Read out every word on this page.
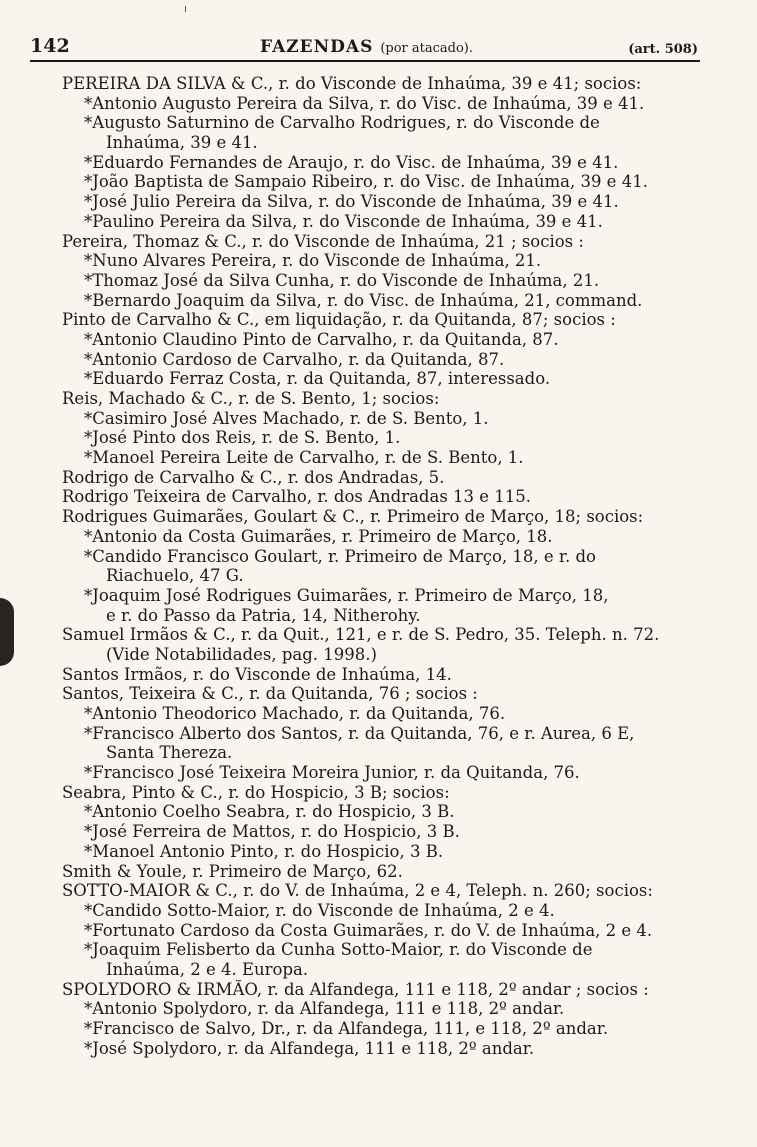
142	FAZENDAS (por atacado).	(art. 508)
PEREIRA DA SILVA & C., r. do Visconde de Inhaúma, 39 e 41; socios:
*Antonio Augusto Pereira da Silva, r. do Visc. de Inhaúma, 39 e 41.
*Augusto Saturnino de Carvalho Rodrigues, r. do Visconde de
Inhaúma, 39 e 41.
*Eduardo Fernandes de Araujo, r. do Visc. de Inhaúma, 39 e 41.
*João Baptista de Sampaio Ribeiro, r. do Visc. de Inhaúma, 39 e 41.
*José Julio Pereira da Silva, r. do Visconde de Inhaúma, 39 e 41.
*Paulino Pereira da Silva, r. do Visconde de Inhaúma, 39 e 41.
Pereira, Thomaz & C., r. do Visconde de Inhaúma, 21 ; socios :
*Nuno Alvares Pereira, r. do Visconde de Inhaúma, 21.
*Thomaz José da Silva Cunha, r. do Visconde de Inhaúma, 21.
*Bernardo Joaquim da Silva, r. do Visc. de Inhaúma, 21, command.
Pinto de Carvalho & C., em liquidação, r. da Quitanda, 87; socios :
*Antonio Claudino Pinto de Carvalho, r. da Quitanda, 87.
*Antonio Cardoso de Carvalho, r. da Quitanda, 87.
*Eduardo Ferraz Costa, r. da Quitanda, 87, interessado.
Reis, Machado & C., r. de S. Bento, 1; socios:
*Casimiro José Alves Machado, r. de S. Bento, 1.
*José Pinto dos Reis, r. de S. Bento, 1.
*Manoel Pereira Leite de Carvalho, r. de S. Bento, 1.
Rodrigo de Carvalho & C., r. dos Andradas, 5.
Rodrigo Teixeira de Carvalho, r. dos Andradas 13 e 115.
Rodrigues Guimarães, Goulart & C., r. Primeiro de Março, 18; socios:
*Antonio da Costa Guimarães, r. Primeiro de Março, 18.
*Candido Francisco Goulart, r. Primeiro de Março, 18, e r. do
Riachuelo, 47 G.
*Joaquim José Rodrigues Guimarães, r. Primeiro de Março, 18,
e r. do Passo da Patria, 14, Nitherohy.
Samuel Irmãos & C., r. da Quit., 121, e r. de S. Pedro, 35. Teleph. n. 72.
(Vide Notabilidades, pag. 1998.)
Santos Irmãos, r. do Visconde de Inhaúma, 14.
Santos, Teixeira & C., r. da Quitanda, 76 ; socios :
*Antonio Theodorico Machado, r. da Quitanda, 76.
*Francisco Alberto dos Santos, r. da Quitanda, 76, e r. Aurea, 6 E,
Santa Thereza.
*Francisco José Teixeira Moreira Junior, r. da Quitanda, 76.
Seabra, Pinto & C., r. do Hospicio, 3 B; socios:
*Antonio Coelho Seabra, r. do Hospicio, 3 B.
*José Ferreira de Mattos, r. do Hospicio, 3 B.
*Manoel Antonio Pinto, r. do Hospicio, 3 B.
Smith & Youle, r. Primeiro de Março, 62.
SOTTO-MAIOR & C., r. do V. de Inhaúma, 2 e 4, Teleph. n. 260; socios:
*Candido Sotto-Maior, r. do Visconde de Inhaúma, 2 e 4.
*Fortunato Cardoso da Costa Guimarães, r. do V. de Inhaúma, 2 e 4.
*Joaquim Felisberto da Cunha Sotto-Maior, r. do Visconde de
Inhaúma, 2 e 4. Europa.
SPOLYDORO & IRMÃO, r. da Alfandega, 111 e 118, 2º andar ; socios :
*Antonio Spolydoro, r. da Alfandega, 111 e 118, 2º andar.
*Francisco de Salvo, Dr., r. da Alfandega, 111, e 118, 2º andar.
*José Spolydoro, r. da Alfandega, 111 e 118, 2º andar.
